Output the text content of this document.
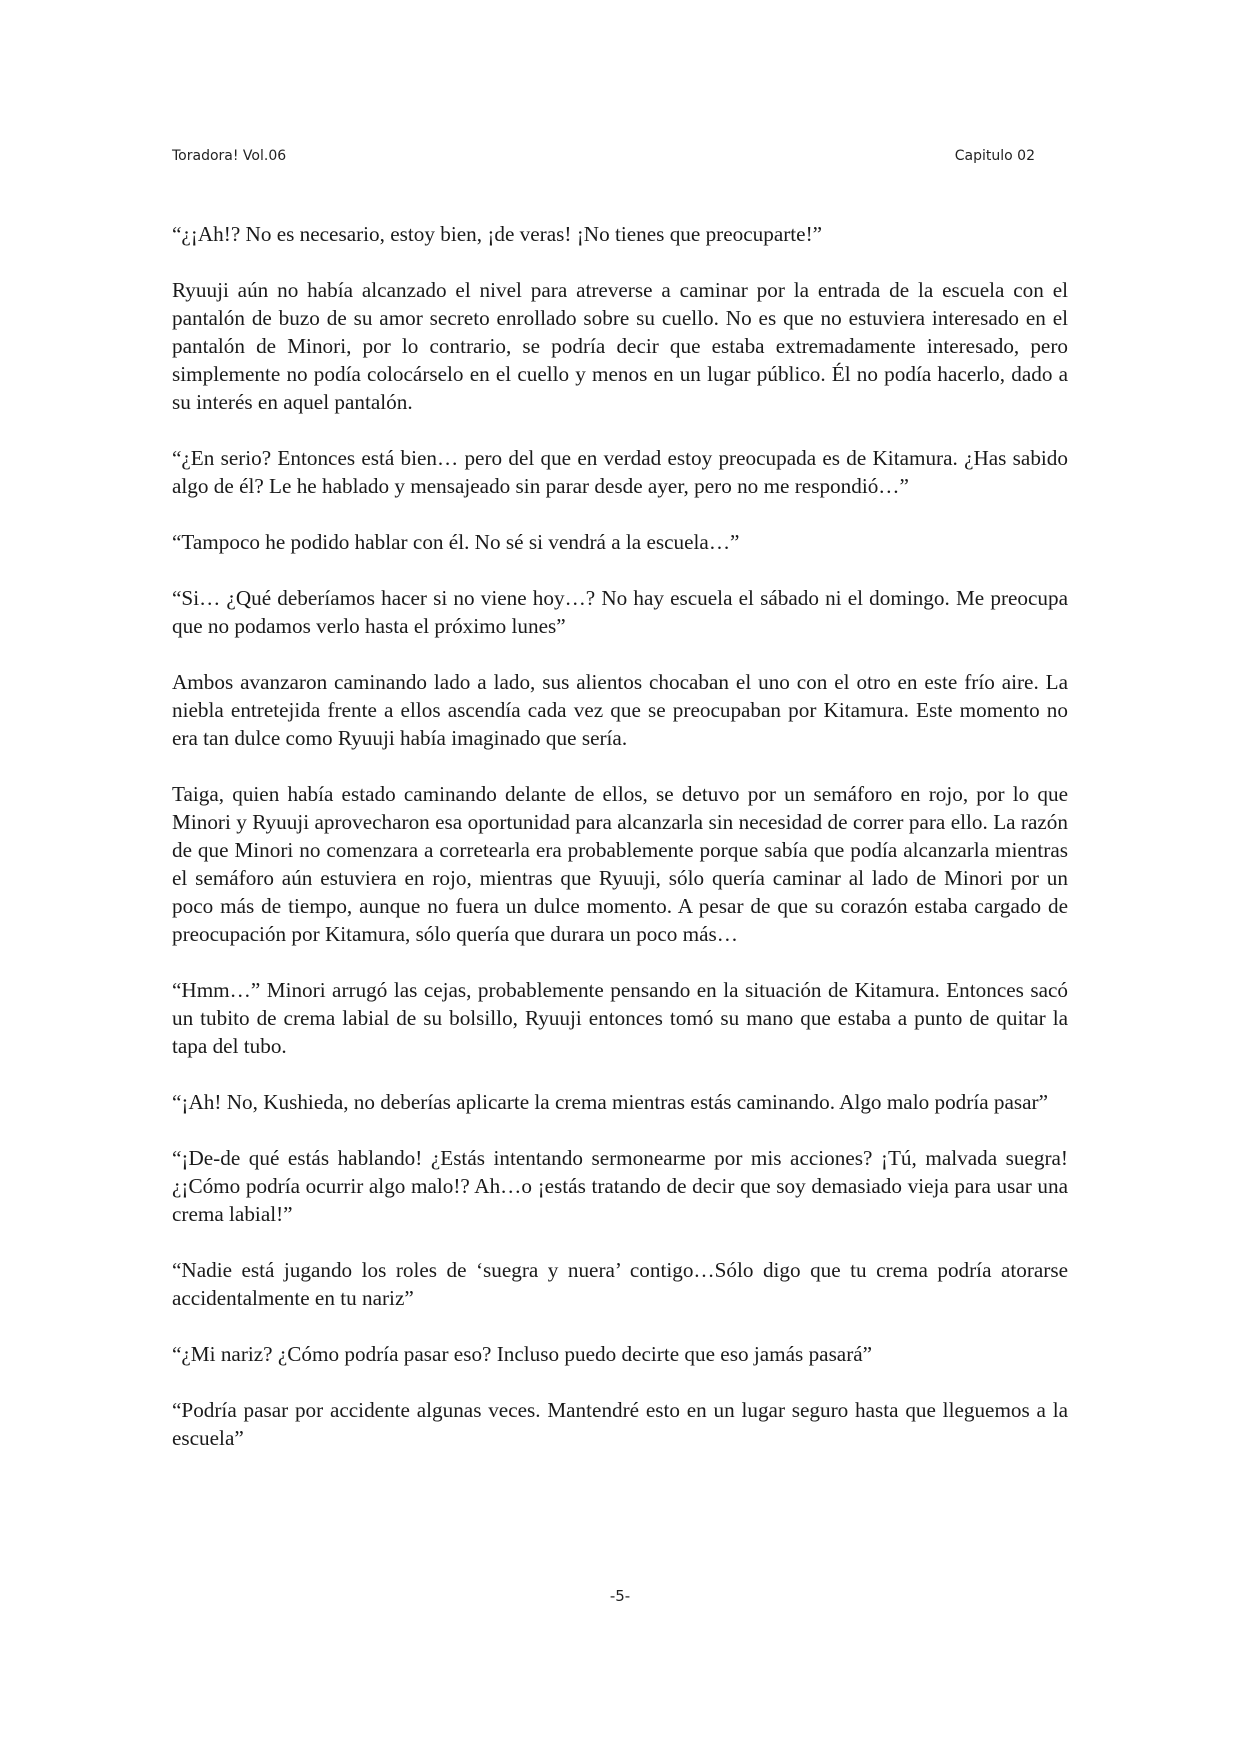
Toradora! Vol.06	Capitulo 02

“¿¡Ah!? No es necesario, estoy bien, ¡de veras! ¡No tienes que preocuparte!”

Ryuuji aún no había alcanzado el nivel para atreverse a caminar por la entrada de la escuela con el pantalón de buzo de su amor secreto enrollado sobre su cuello. No es que no estuviera interesado en el pantalón de Minori, por lo contrario, se podría decir que estaba extremadamente interesado, pero simplemente no podía colocárselo en el cuello y menos en un lugar público. Él no podía hacerlo, dado a su interés en aquel pantalón.

“¿En serio? Entonces está bien… pero del que en verdad estoy preocupada es de Kitamura. ¿Has sabido algo de él? Le he hablado y mensajeado sin parar desde ayer, pero no me respondió…”

“Tampoco he podido hablar con él. No sé si vendrá a la escuela…”

“Si… ¿Qué deberíamos hacer si no viene hoy…? No hay escuela el sábado ni el domingo. Me preocupa que no podamos verlo hasta el próximo lunes”

Ambos avanzaron caminando lado a lado, sus alientos chocaban el uno con el otro en este frío aire. La niebla entretejida frente a ellos ascendía cada vez que se preocupaban por Kitamura. Este momento no era tan dulce como Ryuuji había imaginado que sería.

Taiga, quien había estado caminando delante de ellos, se detuvo por un semáforo en rojo, por lo que Minori y Ryuuji aprovecharon esa oportunidad para alcanzarla sin necesidad de correr para ello. La razón de que Minori no comenzara a corretearla era probablemente porque sabía que podía alcanzarla mientras el semáforo aún estuviera en rojo, mientras que Ryuuji, sólo quería caminar al lado de Minori por un poco más de tiempo, aunque no fuera un dulce momento. A pesar de que su corazón estaba cargado de preocupación por Kitamura, sólo quería que durara un poco más…

“Hmm…” Minori arrugó las cejas, probablemente pensando en la situación de Kitamura. Entonces sacó un tubito de crema labial de su bolsillo, Ryuuji entonces tomó su mano que estaba a punto de quitar la tapa del tubo.

“¡Ah! No, Kushieda, no deberías aplicarte la crema mientras estás caminando. Algo malo podría pasar”

“¡De-de qué estás hablando! ¿Estás intentando sermonearme por mis acciones? ¡Tú, malvada suegra! ¿¡Cómo podría ocurrir algo malo!? Ah…o ¡estás tratando de decir que soy demasiado vieja para usar una crema labial!”

“Nadie está jugando los roles de ‘suegra y nuera’ contigo…Sólo digo que tu crema podría atorarse accidentalmente en tu nariz”

“¿Mi nariz? ¿Cómo podría pasar eso? Incluso puedo decirte que eso jamás pasará”

“Podría pasar por accidente algunas veces. Mantendré esto en un lugar seguro hasta que lleguemos a la escuela”

-5-
